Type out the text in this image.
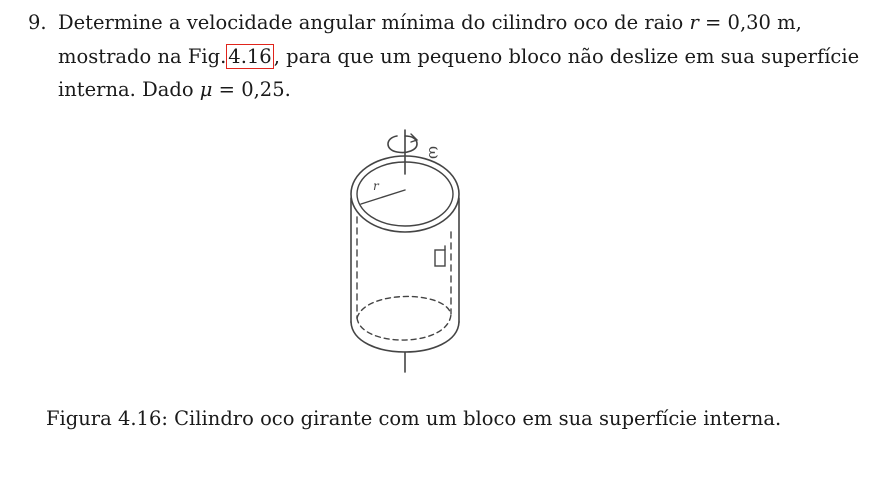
9. Determine a velocidade angular mínima do cilindro oco de raio r = 0,30 m,
mostrado na Fig. 4.16 , para que um pequeno bloco não deslize em sua superfície
interna. Dado μ = 0,25.
ω
r
Figura 4.16: Cilindro oco girante com um bloco em sua superfície interna.
